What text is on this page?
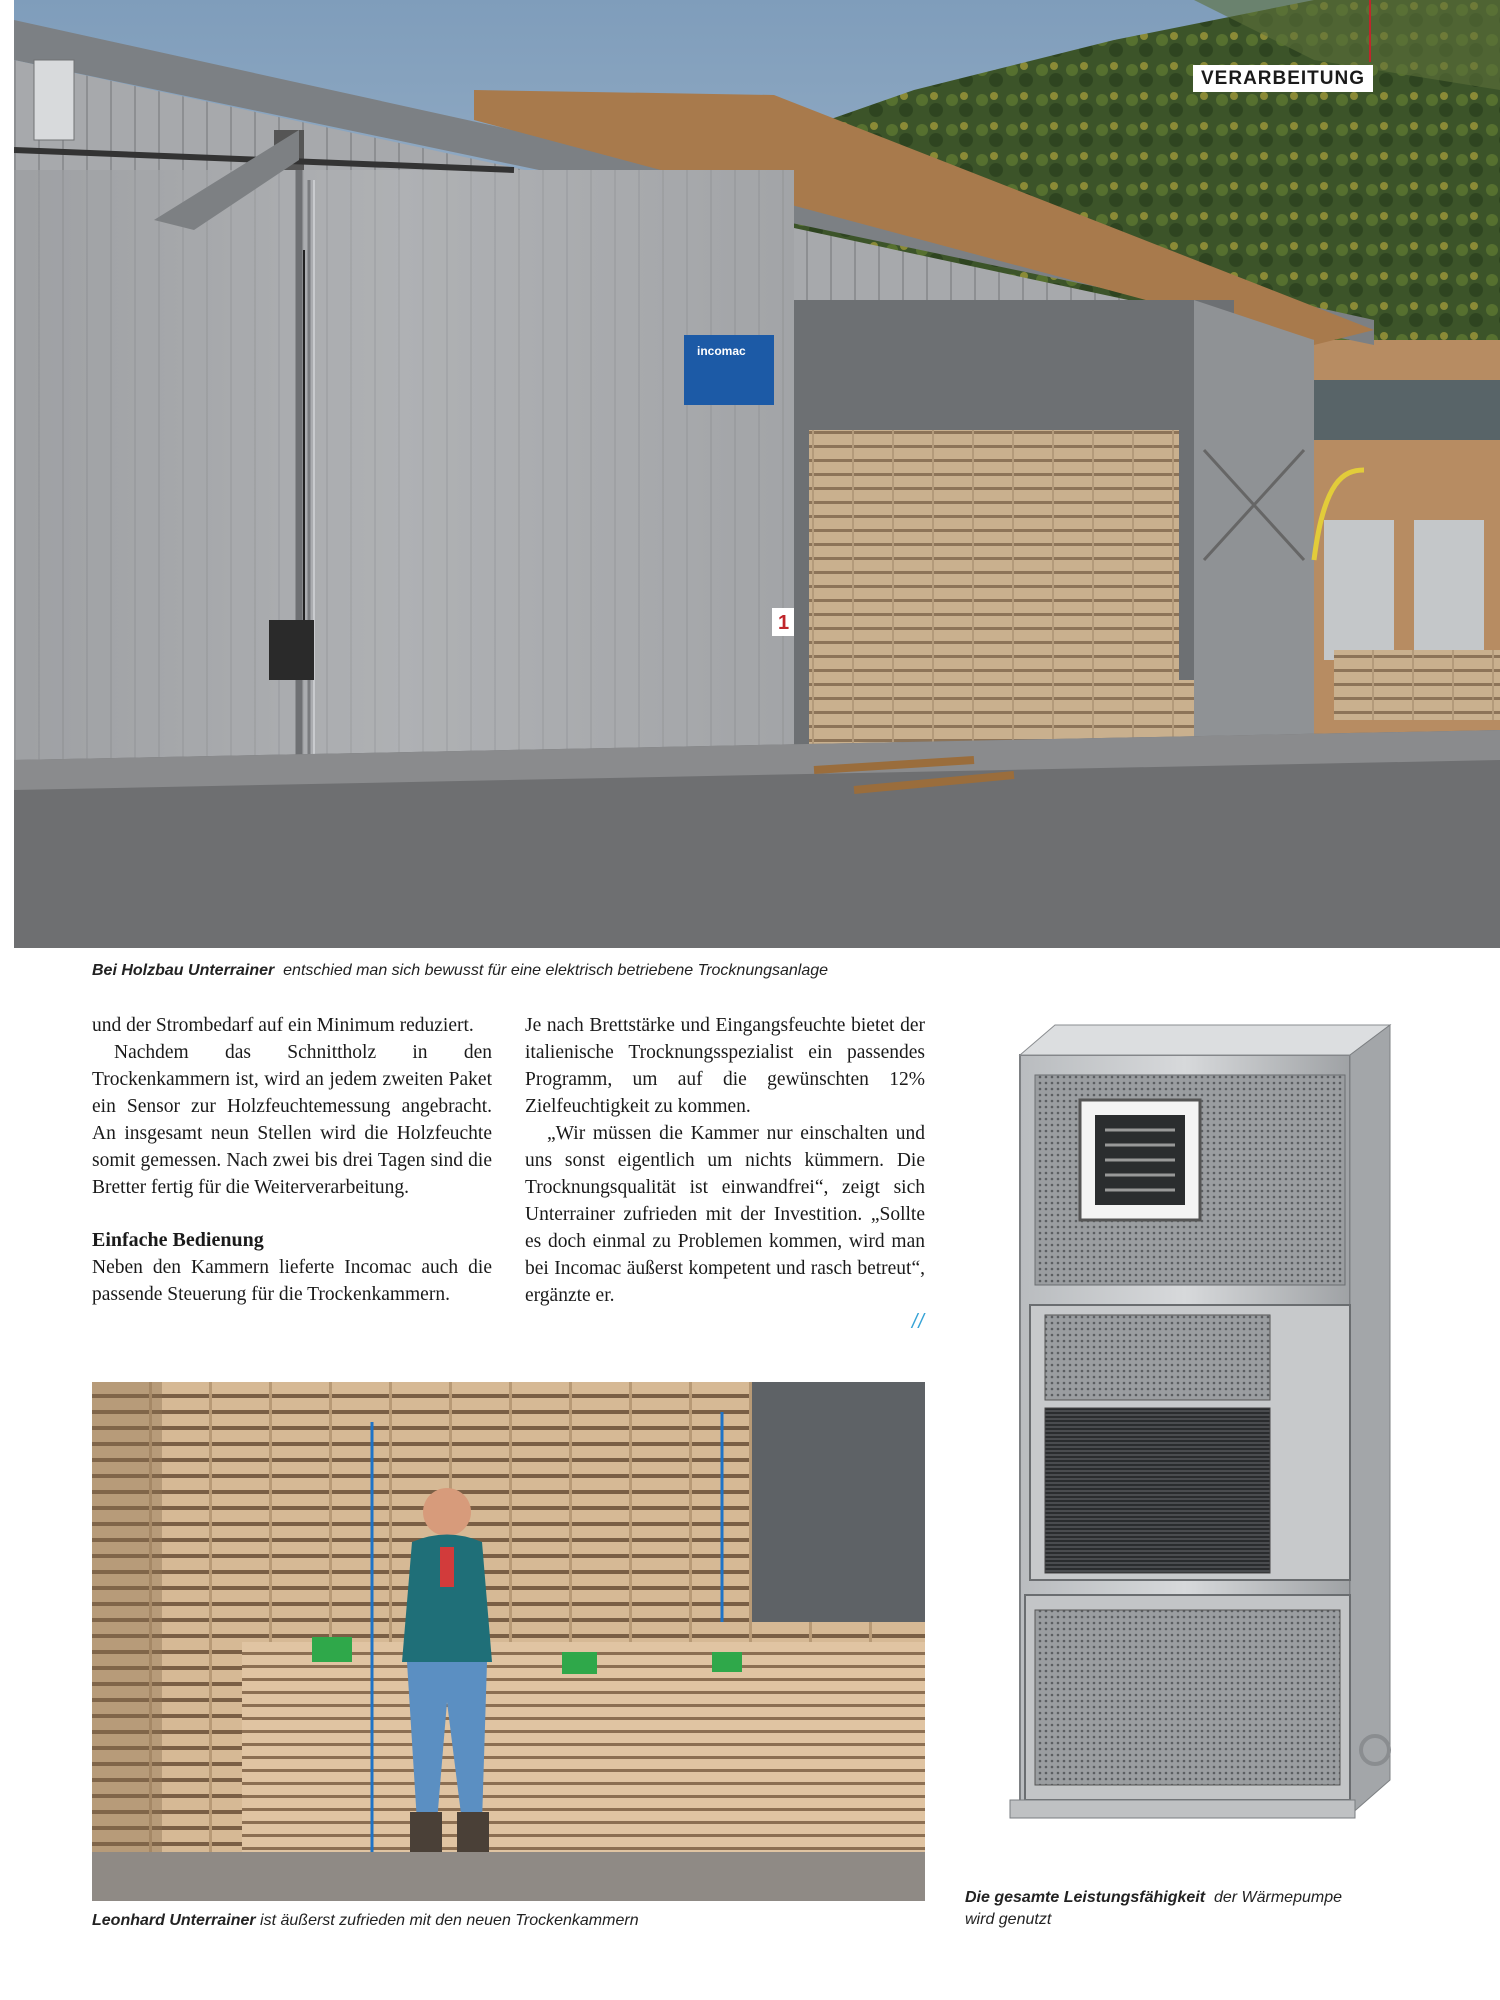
incomac
1
VERARBEITUNG
Bei Holzbau Unterrainer entschied man sich bewusst für eine elektrisch betriebene Trocknungsanlage

und der Strombedarf auf ein Minimum reduziert.

Nachdem das Schnittholz in den Trockenkammern ist, wird an jedem zweiten Paket ein Sensor zur Holzfeuchtemessung angebracht. An insgesamt neun Stellen wird die Holzfeuchte somit gemessen. Nach zwei bis drei Tagen sind die Bretter fertig für die Weiterverarbeitung.

Einfache Bedienung

Neben den Kammern lieferte Incomac auch die passende Steuerung für die Trockenkammern.

Je nach Brettstärke und Eingangsfeuchte bietet der italienische Trocknungsspezialist ein passendes Programm, um auf die gewünschten 12% Zielfeuchtigkeit zu kommen.

„Wir müssen die Kammer nur einschalten und uns sonst eigentlich um nichts kümmern. Die Trocknungsqualität ist einwandfrei“, zeigt sich Unterrainer zufrieden mit der Investition. „Sollte es doch einmal zu Problemen kommen, wird man bei Incomac äußerst kompetent und rasch betreut“, ergänzte er.

//
Leonhard Unterrainer ist äußerst zufrieden mit den neuen Trockenkammern
Die gesamte Leistungsfähigkeit der Wärmepumpe wird genutzt
